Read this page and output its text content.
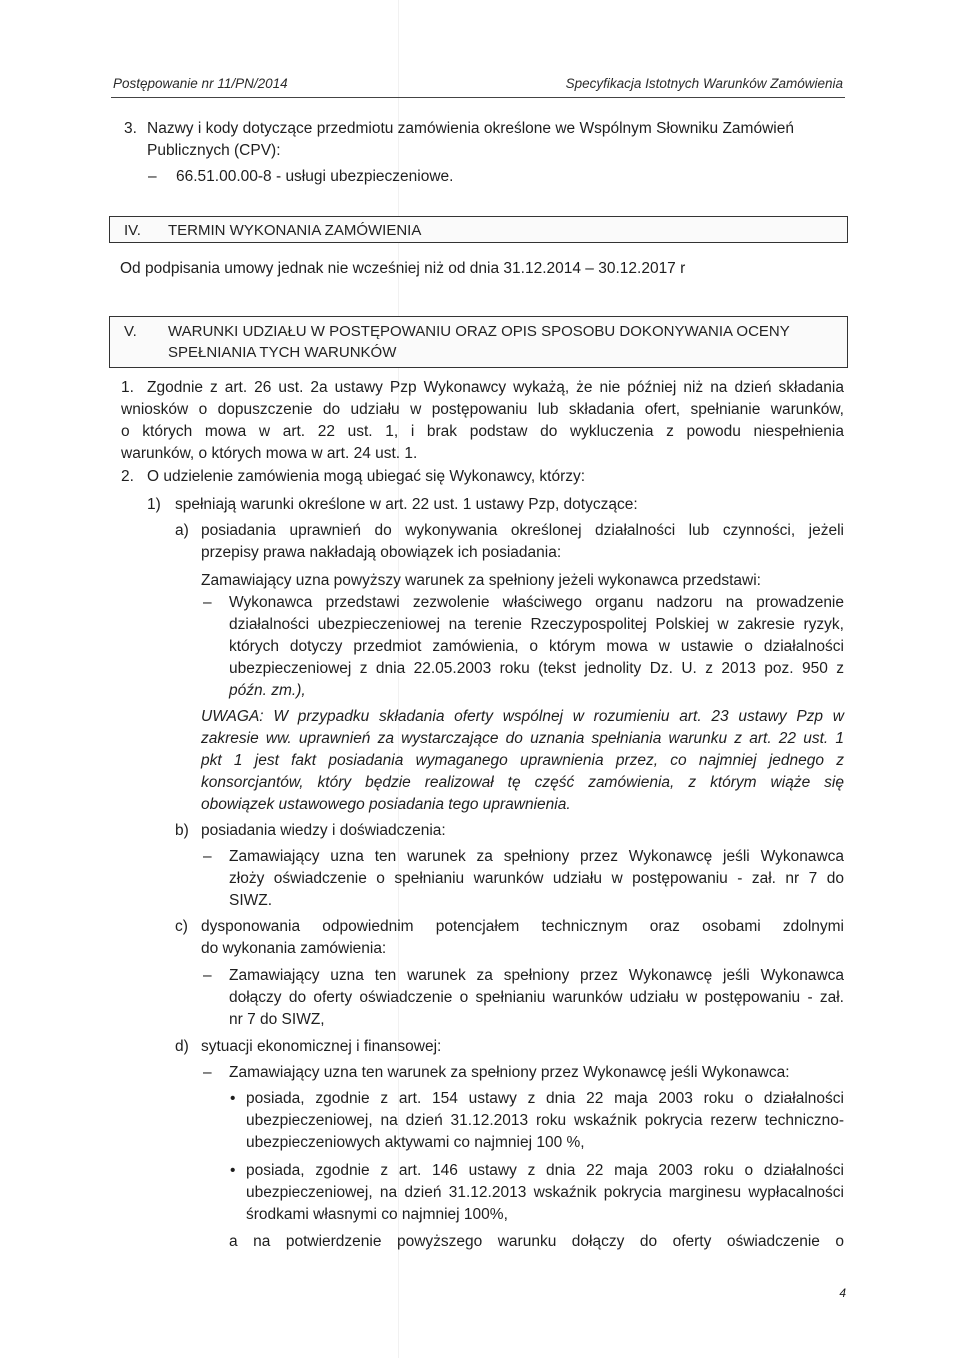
Postępowanie nr 11/PN/2014	Specyfikacja Istotnych Warunków Zamówienia
3. Nazwy i kody dotyczące przedmiotu zamówienia określone we Wspólnym Słowniku Zamówień
Publicznych (CPV):
– 66.51.00.00-8 - usługi ubezpieczeniowe.
IV. TERMIN WYKONANIA ZAMÓWIENIA
Od podpisania umowy jednak nie wcześniej niż od dnia 31.12.2014 – 30.12.2017 r
V. WARUNKI UDZIAŁU W POSTĘPOWANIU ORAZ OPIS SPOSOBU DOKONYWANIA OCENY
SPEŁNIANIA TYCH WARUNKÓW
1. Zgodnie z art. 26 ust. 2a ustawy Pzp Wykonawcy wykażą, że nie później niż na dzień składania
wniosków o dopuszczenie do udziału w postępowaniu lub składania ofert, spełnianie warunków,
o których mowa w art. 22 ust. 1, i brak podstaw do wykluczenia z powodu niespełnienia
warunków, o których mowa w art. 24 ust. 1.
2. O udzielenie zamówienia mogą ubiegać się Wykonawcy, którzy:
1) spełniają warunki określone w art. 22 ust. 1 ustawy Pzp, dotyczące:
a) posiadania uprawnień do wykonywania określonej działalności lub czynności, jeżeli
przepisy prawa nakładają obowiązek ich posiadania:
Zamawiający uzna powyższy warunek za spełniony jeżeli wykonawca przedstawi:
– Wykonawca przedstawi zezwolenie właściwego organu nadzoru na prowadzenie
działalności ubezpieczeniowej na terenie Rzeczypospolitej Polskiej w zakresie ryzyk,
których dotyczy przedmiot zamówienia, o którym mowa w ustawie o działalności
ubezpieczeniowej z dnia 22.05.2003 roku (tekst jednolity Dz. U. z 2013 poz. 950 z
późn. zm.),
UWAGA: W przypadku składania oferty wspólnej w rozumieniu art. 23 ustawy Pzp w
zakresie ww. uprawnień za wystarczające do uznania spełniania warunku z art. 22 ust. 1
pkt 1 jest fakt posiadania wymaganego uprawnienia przez, co najmniej jednego z
konsorcjantów, który będzie realizował tę część zamówienia, z którym wiąże się
obowiązek ustawowego posiadania tego uprawnienia.
b) posiadania wiedzy i doświadczenia:
– Zamawiający uzna ten warunek za spełniony przez Wykonawcę jeśli Wykonawca
złoży oświadczenie o spełnianiu warunków udziału w postępowaniu - zał. nr 7 do
SIWZ.
c) dysponowania odpowiednim potencjałem technicznym oraz osobami zdolnymi
do wykonania zamówienia:
– Zamawiający uzna ten warunek za spełniony przez Wykonawcę jeśli Wykonawca
dołączy do oferty oświadczenie o spełnianiu warunków udziału w postępowaniu - zał.
nr 7 do SIWZ,
d) sytuacji ekonomicznej i finansowej:
– Zamawiający uzna ten warunek za spełniony przez Wykonawcę jeśli Wykonawca:
• posiada, zgodnie z art. 154 ustawy z dnia 22 maja 2003 roku o działalności
ubezpieczeniowej, na dzień 31.12.2013 roku wskaźnik pokrycia rezerw techniczno-
ubezpieczeniowych aktywami co najmniej 100 %,
• posiada, zgodnie z art. 146 ustawy z dnia 22 maja 2003 roku o działalności
ubezpieczeniowej, na dzień 31.12.2013 wskaźnik pokrycia marginesu wypłacalności
środkami własnymi co najmniej 100%,
a na potwierdzenie powyższego warunku dołączy do oferty oświadczenie o
4
